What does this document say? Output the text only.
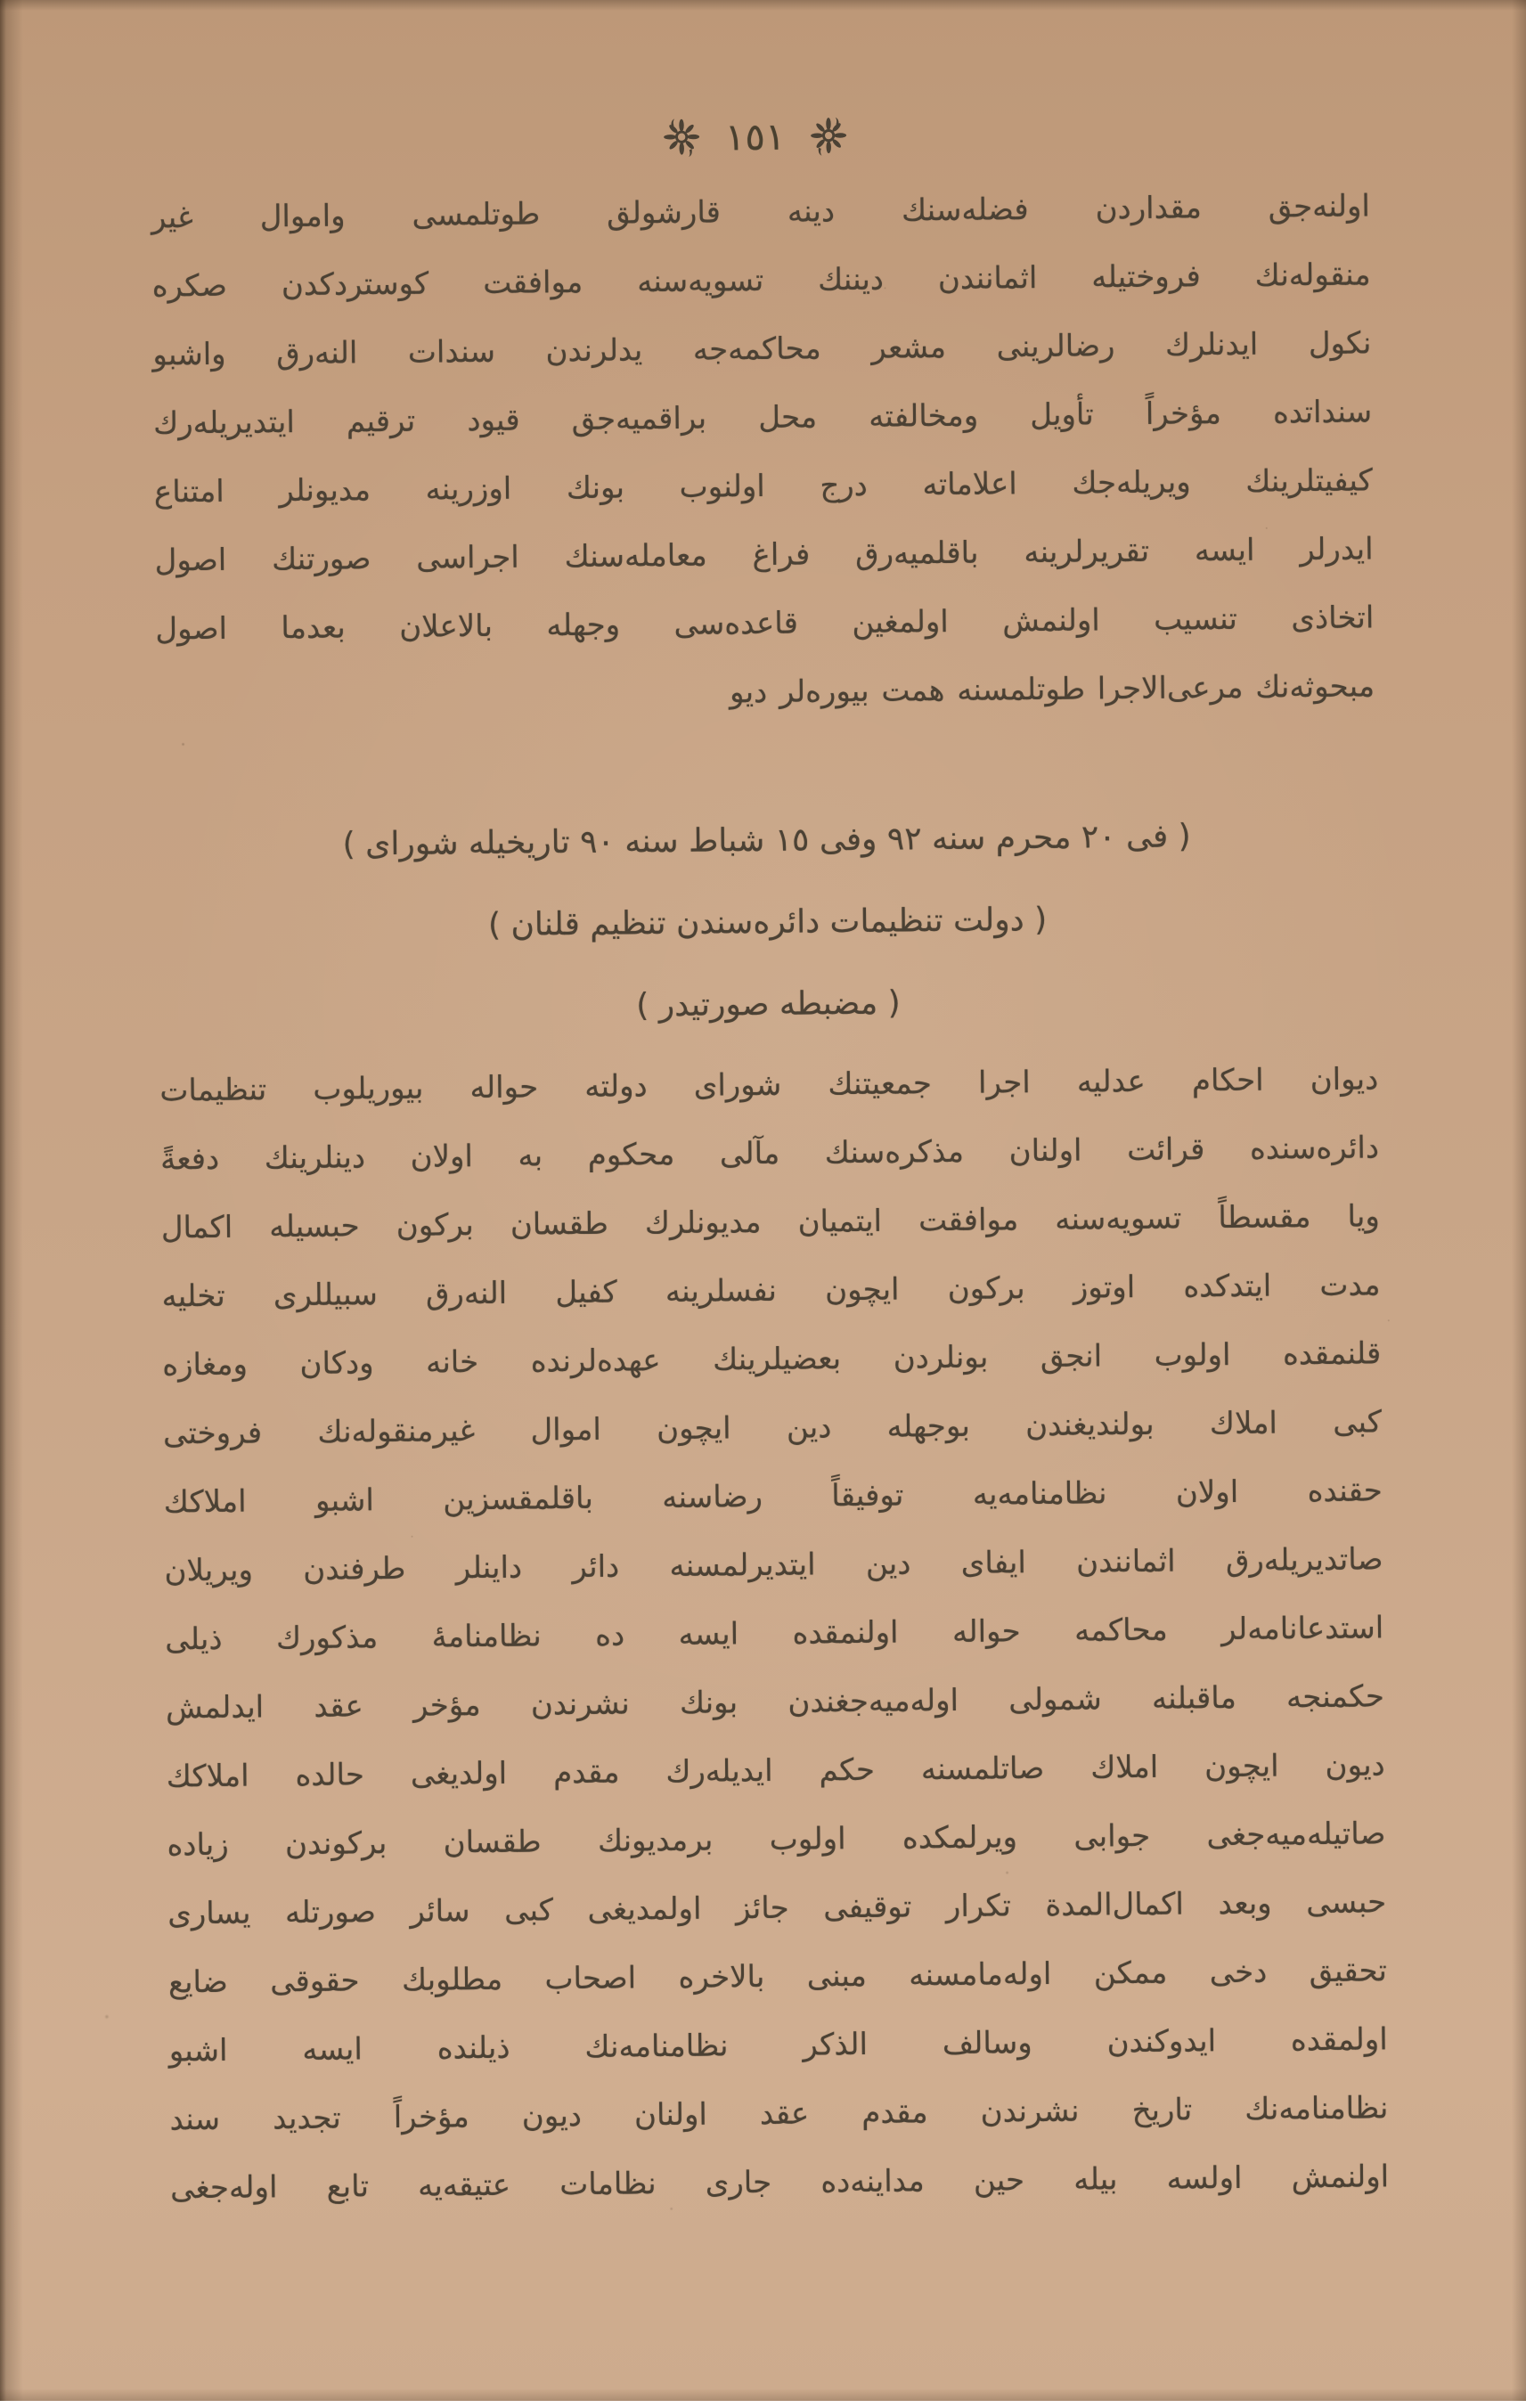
١٥١
اولنه‌جق مقداردن فضله‌سنك دينه قارشولق طوتلمسى واموال غير
منقوله‌نك فروختيله اثمانندن ديننك تسويه‌سنه موافقت كوستردكدن صكره
نكول ايدنلرك رضالرينى مشعر محاكمه‌جه يدلرندن سندات النه‌رق واشبو
سنداتده مؤخراً تأويل ومخالفته محل براقميه‌جق قيود ترقيم ايتديريله‌رك
كيفيتلرينك ويريله‌جك اعلاماته درج اولنوب بونك اوزرينه مديونلر امتناع
ايدرلر ايسه تقريرلرينه باقلميه‌رق فراغ معامله‌سنك اجراسى صورتنك اصول
اتخاذى تنسيب اولنمش اولمغين قاعده‌سى وجهله بالاعلان بعدما اصول
مبحوثه‌نك مرعى‌الاجرا طوتلمسنه همت بيوره‌لر ديو
( فى ٢٠ محرم سنه ٩٢ وفى ١٥ شباط سنه ٩٠ تاريخيله شوراى )
( دولت تنظيمات دائره‌سندن تنظيم قلنان )
( مضبطه صورتيدر )
ديوان احكام عدليه اجرا جمعيتنك شوراى دولته حواله بيوريلوب تنظيمات
دائره‌سنده قرائت اولنان مذكره‌سنك مآلى محكوم به اولان دينلرينك دفعةً
ويا مقسطاً تسويه‌سنه موافقت ايتميان مديونلرك طقسان بركون حبسيله اكمال
مدت ايتدكده اوتوز بركون ايچون نفسلرينه كفيل النه‌رق سبيللرى تخليه
قلنمقده اولوب انجق بونلردن بعضيلرينك عهده‌لرنده خانه ودكان ومغازه
كبى املاك بولنديغندن بوجهله دين ايچون اموال غيرمنقوله‌نك فروختى
حقنده اولان نظامنامه‌يه توفيقاً رضاسنه باقلمقسزين اشبو املاكك
صاتديريله‌رق اثمانندن ايفاى دين ايتديرلمسنه دائر داينلر طرفندن ويريلان
استدعانامه‌لر محاكمه حواله اولنمقده ايسه ده نظامنامهٔ مذكورك ذيلى
حكمنجه ماقبلنه شمولى اوله‌ميه‌جغندن بونك نشرندن مؤخر عقد ايدلمش
ديون ايچون املاك صاتلمسنه حكم ايديله‌رك مقدم اولديغى حالده املاكك
صاتيله‌ميه‌جغى جوابى ويرلمكده اولوب برمديونك طقسان بركوندن زياده
حبسى وبعد اكمال‌المدة تكرار توقيفى جائز اولمديغى كبى سائر صورتله يسارى
تحقيق دخى ممكن اوله‌مامسنه مبنى بالاخره اصحاب مطلوبك حقوقى ضايع
اولمقده ايدوكندن وسالف الذكر نظامنامه‌نك ذيلنده ايسه اشبو
نظامنامه‌نك تاريخ نشرندن مقدم عقد اولنان ديون مؤخراً تجديد سند
اولنمش اولسه بيله حين مداينه‌ده جارى نظامات عتيقه‌يه تابع اوله‌جغى
